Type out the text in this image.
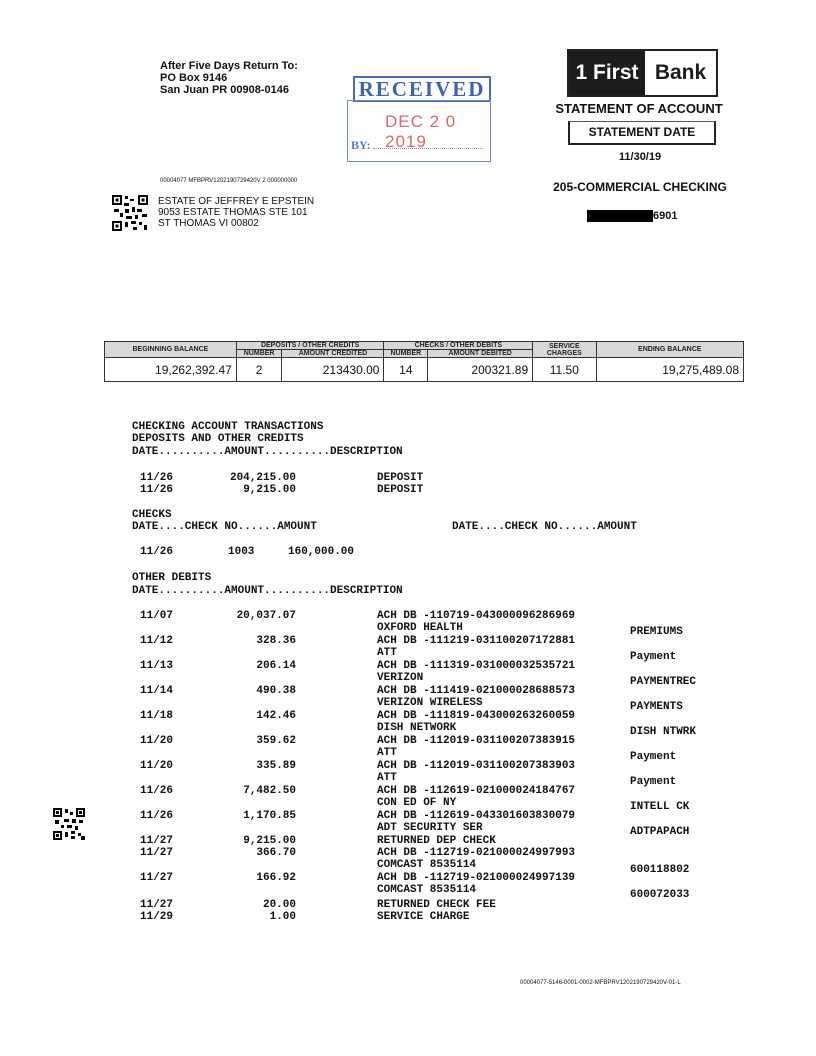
After Five Days Return To:
PO Box 9146
San Juan PR 00908-0146	RECEIVED
DEC 2 0 2019
BY:
1 First Bank
STATEMENT OF ACCOUNT
STATEMENT DATE
11/30/19
205-COMMERCIAL CHECKING
6901
00004077 MFBPRV1202190729420V 2 000000000
ESTATE OF JEFFREY E EPSTEIN
9053 ESTATE THOMAS STE 101
ST THOMAS VI 00802
BEGINNING BALANCE	DEPOSITS / OTHER CREDITS		CHECKS / OTHER DEBITS		SERVICE CHARGES	ENDING BALANCE
	NUMBER	AMOUNT CREDITED	NUMBER	AMOUNT DEBITED		
19,262,392.47	2	213430.00	14	200321.89	11.50	19,275,489.08
CHECKING ACCOUNT TRANSACTIONS
DEPOSITS AND OTHER CREDITS
DATE..........AMOUNT..........DESCRIPTION
11/26	204,215.00	DEPOSIT
11/26	9,215.00	DEPOSIT
CHECKS
DATE....CHECK NO......AMOUNT	DATE....CHECK NO......AMOUNT
11/26	1003	160,000.00
OTHER DEBITS
DATE..........AMOUNT..........DESCRIPTION
11/07	20,037.07	ACH DB -110719-043000096286969
OXFORD HEALTH	PREMIUMS
11/12	328.36	ACH DB -111219-031100207172881
ATT	Payment
11/13	206.14	ACH DB -111319-031000032535721
VERIZON	PAYMENTREC
11/14	490.38	ACH DB -111419-021000028688573
VERIZON WIRELESS	PAYMENTS
11/18	142.46	ACH DB -111819-043000263260059
DISH NETWORK	DISH NTWRK
11/20	359.62	ACH DB -112019-031100207383915
ATT	Payment
11/20	335.89	ACH DB -112019-031100207383903
ATT	Payment
11/26	7,482.50	ACH DB -112619-021000024184767
CON ED OF NY	INTELL CK
11/26	1,170.85	ACH DB -112619-043301603830079
ADT SECURITY SER	ADTPAPACH
11/27	9,215.00	RETURNED DEP CHECK
11/27	366.70	ACH DB -112719-021000024997993
COMCAST 8535114	600118802
11/27	166.92	ACH DB -112719-021000024997139
COMCAST 8535114	600072033
11/27	20.00	RETURNED CHECK FEE
11/29	1.00	SERVICE CHARGE
00004077-5146-0001-0002-MFBPRV1202190729420V-01-L
